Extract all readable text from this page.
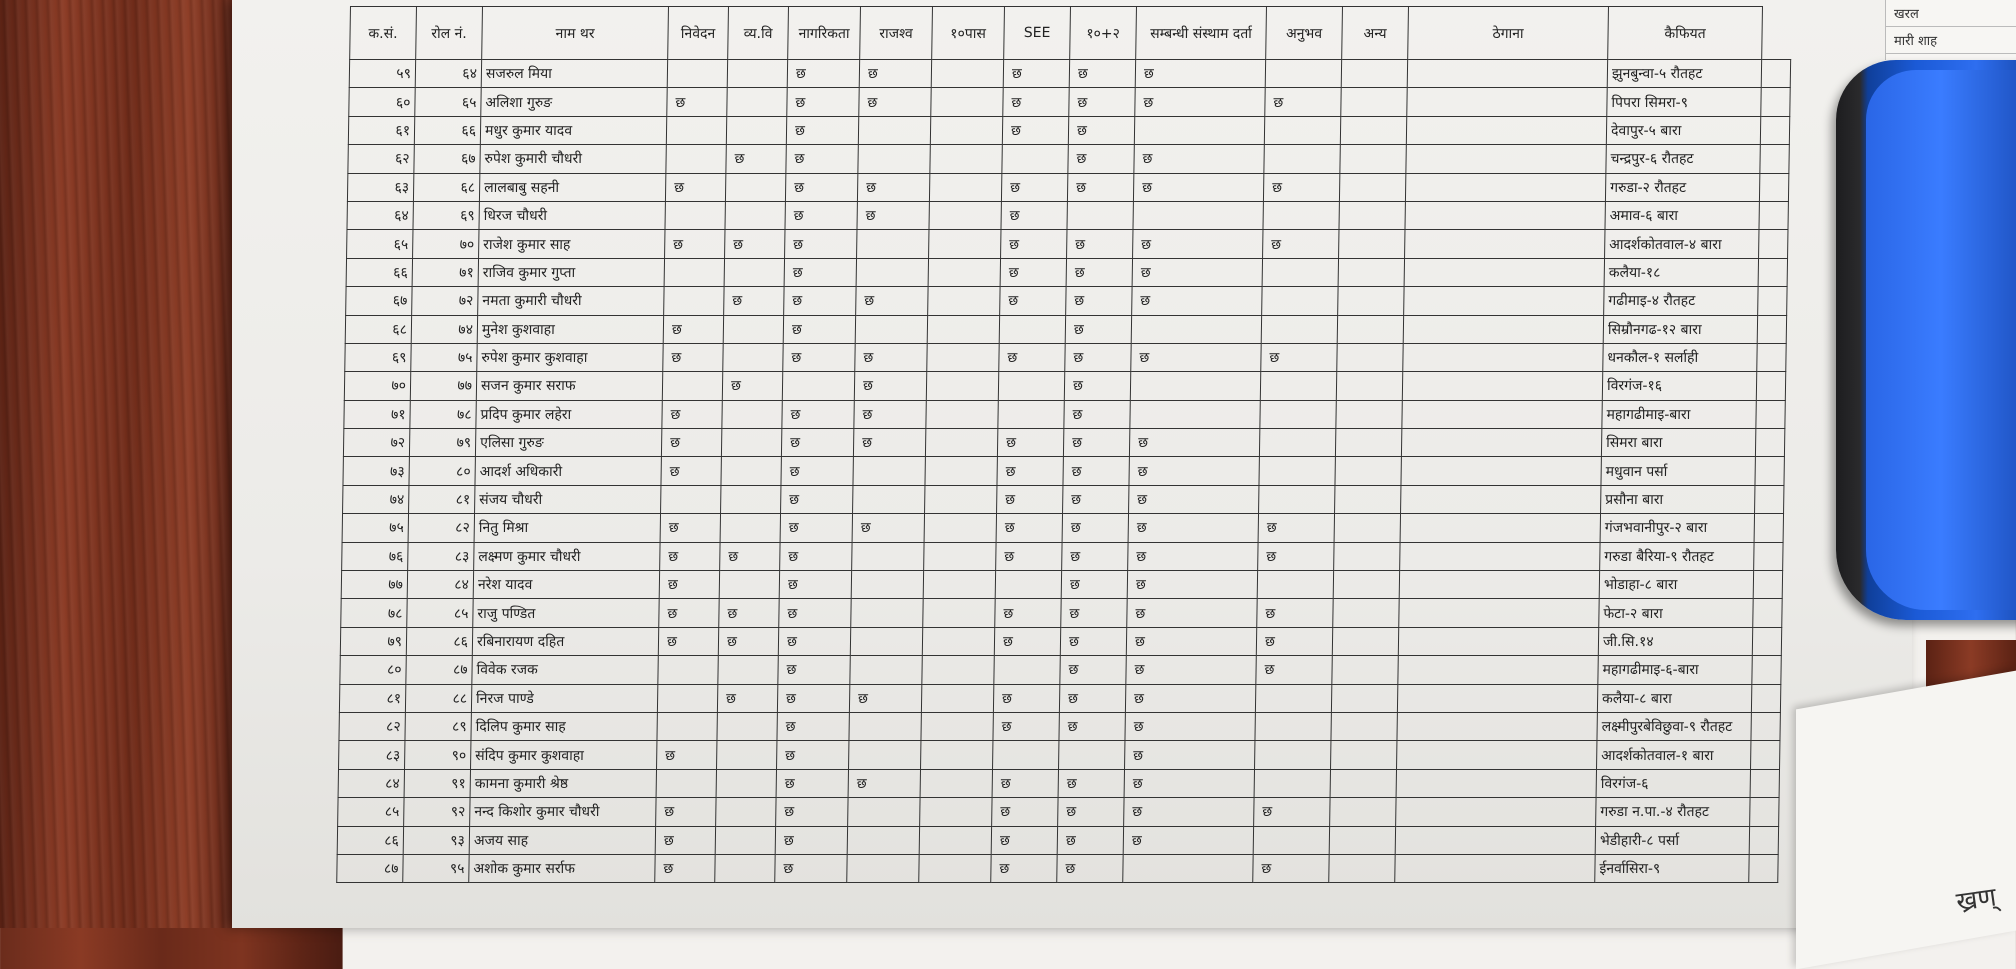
खरल
मारी शाह
क.सं.	रोल नं.	नाम थर	निवेदन	व्य.वि	नागरिकता	राजश्व	१०पास	SEE	१०+२	सम्बन्धी संस्थाम दर्ता	अनुभव	अन्य	ठेगाना	कैफियत	
५९	६४	सजरुल मिया			छ	छ		छ	छ	छ				झुनबुन्वा-५ रौतहट	
६०	६५	अलिशा गुरुङ	छ		छ	छ		छ	छ	छ	छ			पिपरा सिमरा-९	
६१	६६	मधुर कुमार यादव			छ			छ	छ					देवापुर-५ बारा	
६२	६७	रुपेश कुमारी चौधरी		छ	छ				छ	छ				चन्द्रपुर-६ रौतहट	
६३	६८	लालबाबु सहनी	छ		छ	छ		छ	छ	छ	छ			गरुडा-२ रौतहट	
६४	६९	धिरज चौधरी			छ	छ		छ						अमाव-६ बारा	
६५	७०	राजेश कुमार साह	छ	छ	छ			छ	छ	छ	छ			आदर्शकोतवाल-४ बारा	
६६	७१	राजिव कुमार गुप्ता			छ			छ	छ	छ				कलैया-१८	
६७	७२	नमता कुमारी चौधरी		छ	छ	छ		छ	छ	छ				गढीमाइ-४ रौतहट	
६८	७४	मुनेश कुशवाहा	छ		छ				छ					सिम्रौनगढ-१२ बारा	
६९	७५	रुपेश कुमार कुशवाहा	छ		छ	छ		छ	छ	छ	छ			धनकौल-१ सर्लाही	
७०	७७	सजन कुमार सराफ		छ		छ			छ					विरगंज-१६	
७१	७८	प्रदिप कुमार लहेरा	छ		छ	छ			छ					महागढीमाइ-बारा	
७२	७९	एलिसा गुरुङ	छ		छ	छ		छ	छ	छ				सिमरा बारा	
७३	८०	आदर्श अधिकारी	छ		छ			छ	छ	छ				मधुवान पर्सा	
७४	८१	संजय चौधरी			छ			छ	छ	छ				प्रसौना बारा	
७५	८२	नितु मिश्रा	छ		छ	छ		छ	छ	छ	छ			गंजभवानीपुर-२ बारा	
७६	८३	लक्ष्मण कुमार चौधरी	छ	छ	छ			छ	छ	छ	छ			गरुडा बैरिया-९ रौतहट	
७७	८४	नरेश यादव	छ		छ				छ	छ				भोडाहा-८ बारा	
७८	८५	राजु पण्डित	छ	छ	छ			छ	छ	छ	छ			फेटा-२ बारा	
७९	८६	रबिनारायण दहित	छ	छ	छ			छ	छ	छ	छ			जी.सि.१४	
८०	८७	विवेक रजक			छ				छ	छ	छ			महागढीमाइ-६-बारा	
८१	८८	निरज पाण्डे		छ	छ	छ		छ	छ	छ				कलैया-८ बारा	
८२	८९	दिलिप कुमार साह			छ			छ	छ	छ				लक्ष्मीपुरबेविछुवा-९ रौतहट	
८३	९०	संदिप कुमार कुशवाहा	छ		छ					छ				आदर्शकोतवाल-१ बारा	
८४	९१	कामना कुमारी श्रेष्ठ			छ	छ		छ	छ	छ				विरगंज-६	
८५	९२	नन्द किशोर कुमार चौधरी	छ		छ			छ	छ	छ	छ			गरुडा न.पा.-४ रौतहट	
८६	९३	अजय साह	छ		छ			छ	छ	छ				भेडीहारी-८ पर्सा	
८७	९५	अशोक कुमार सर्राफ	छ		छ			छ	छ		छ			ईनर्वासिरा-९	
ख्रण्
